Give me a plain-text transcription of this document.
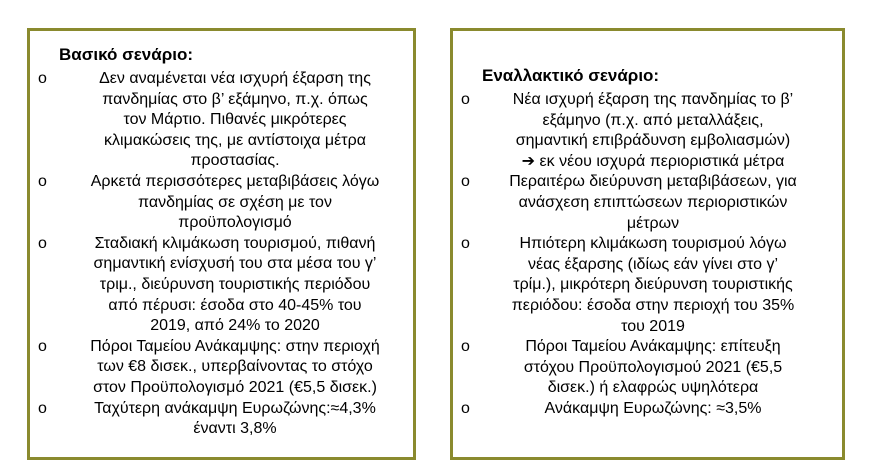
Βασικό σενάριο:
o	Δεν αναμένεται νέα ισχυρή έξαρση της
πανδημίας στο β’ εξάμηνο, π.χ. όπως
τον Μάρτιο. Πιθανές μικρότερες
κλιμακώσεις της, με αντίστοιχα μέτρα
προστασίας.
o	Αρκετά περισσότερες μεταβιβάσεις λόγω
πανδημίας σε σχέση με τον
προϋπολογισμό
o	Σταδιακή κλιμάκωση τουρισμού, πιθανή
σημαντική ενίσχυσή του στα μέσα του γ’
τριμ., διεύρυνση τουριστικής περιόδου
από πέρυσι: έσοδα στο 40-45% του
2019, από 24% το 2020
o	Πόροι Ταμείου Ανάκαμψης: στην περιοχή
των €8 δισεκ., υπερβαίνοντας το στόχο
στον Προϋπολογισμό 2021 (€5,5 δισεκ.)
o	Ταχύτερη ανάκαμψη Ευρωζώνης:≈4,3%
έναντι 3,8%
Εναλλακτικό σενάριο:
o	Νέα ισχυρή έξαρση της πανδημίας το β’
εξάμηνο (π.χ. από μεταλλάξεις,
σημαντική επιβράδυνση εμβολιασμών)
➔ εκ νέου ισχυρά περιοριστικά μέτρα
o	Περαιτέρω διεύρυνση μεταβιβάσεων, για
ανάσχεση επιπτώσεων περιοριστικών
μέτρων
o	Ηπιότερη κλιμάκωση τουρισμού λόγω
νέας έξαρσης (ιδίως εάν γίνει στο γ’
τρίμ.), μικρότερη διεύρυνση τουριστικής
περιόδου: έσοδα στην περιοχή του 35%
του 2019
o	Πόροι Ταμείου Ανάκαμψης: επίτευξη
στόχου Προϋπολογισμού 2021 (€5,5
δισεκ.) ή ελαφρώς υψηλότερα
o	Ανάκαμψη Ευρωζώνης: ≈3,5%
